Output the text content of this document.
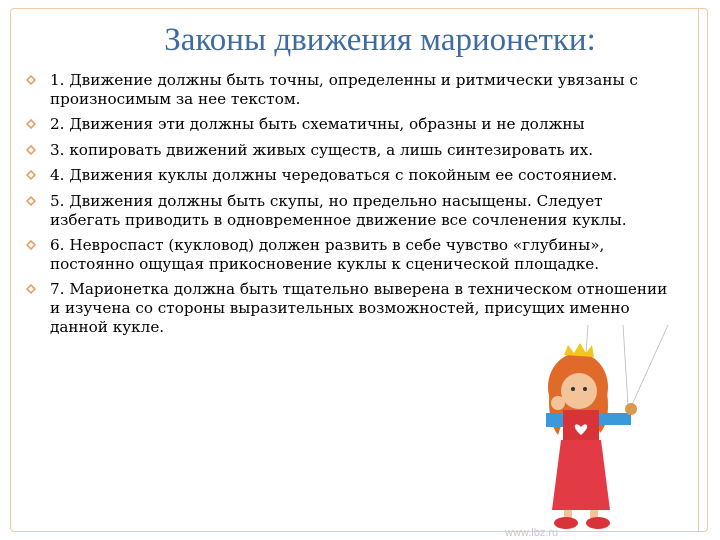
Законы движения марионетки:
1. Движение должны быть точны, определенны и ритмически увязаны с произносимым за нее текстом.
2. Движения эти должны быть схематичны, образны и не должны
3. копировать движений живых существ, а лишь синтезировать их.
4. Движения куклы должны чередоваться с покойным ее состоянием.
5. Движения должны быть скупы, но предельно насыщены. Следует избегать приводить в одновременное движение все сочленения куклы.
6. Невроспаст (кукловод) должен развить в себе чувство «глубины», постоянно ощущая прикосновение куклы к сценической площадке.
7. Марионетка должна быть тщательно выверена в техническом отношении и изучена со стороны выразительных возможностей, присущих именно данной кукле.
www.lbz.ru
